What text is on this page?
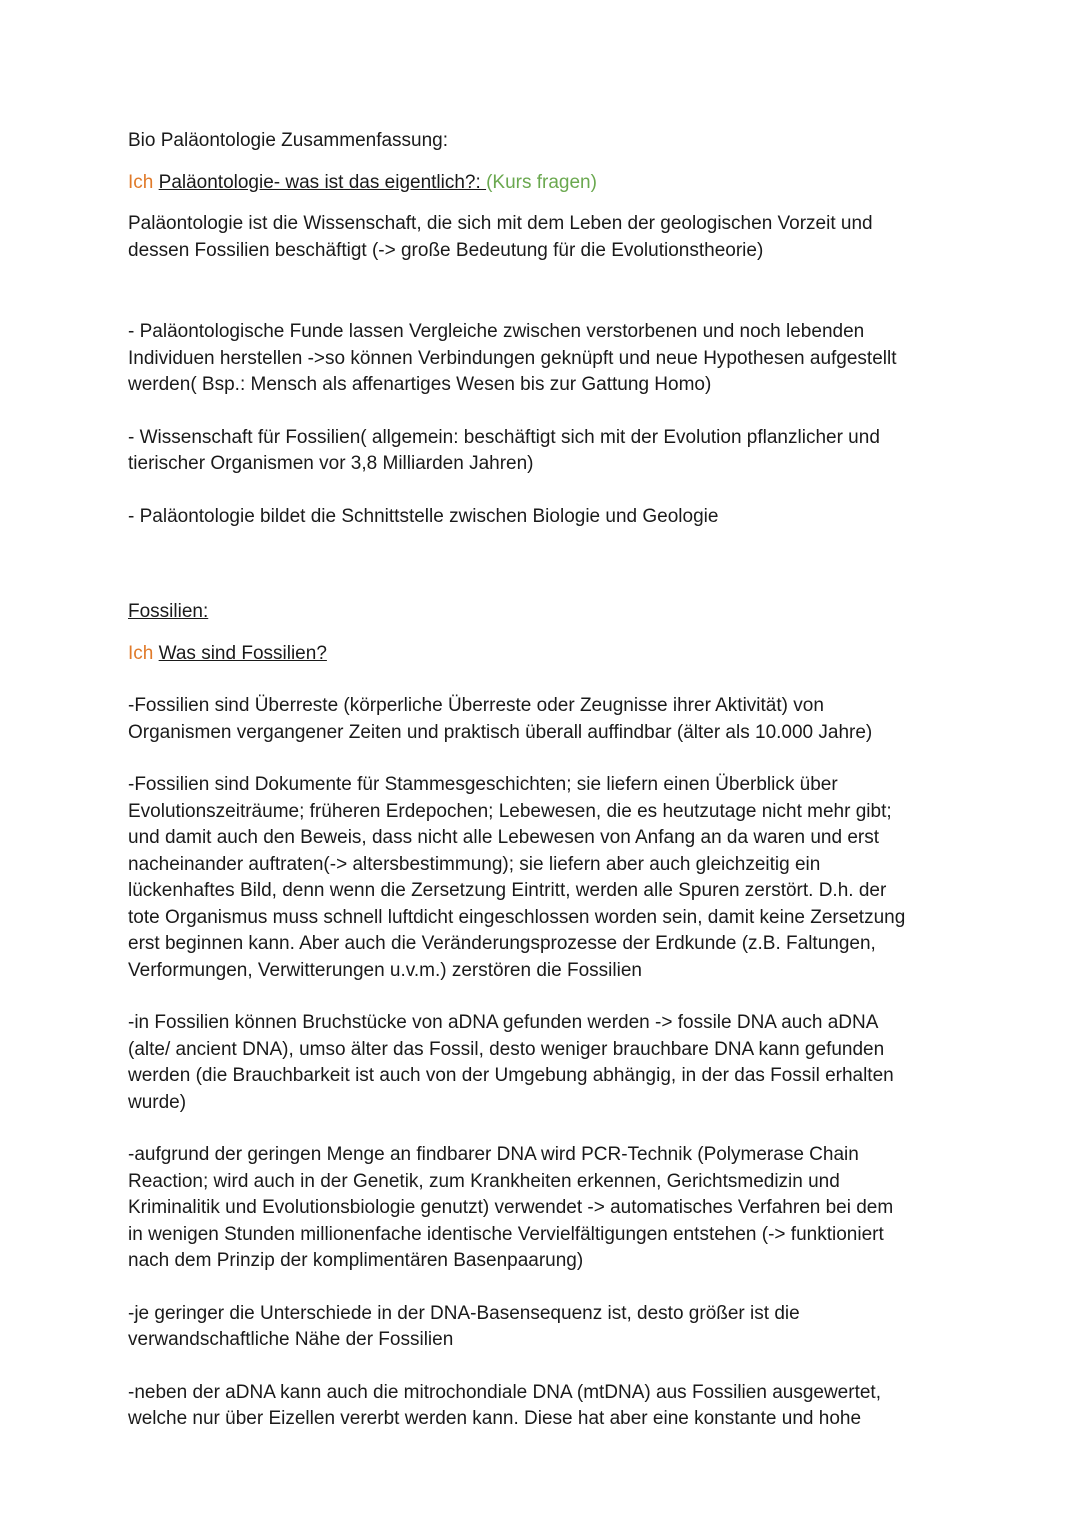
Bio Paläontologie Zusammenfassung:

Ich Paläontologie- was ist das eigentlich?: (Kurs fragen)

Paläontologie ist die Wissenschaft, die sich mit dem Leben der geologischen Vorzeit und

dessen Fossilien beschäftigt (-> große Bedeutung für die Evolutionstheorie)

- Paläontologische Funde lassen Vergleiche zwischen verstorbenen und noch lebenden

Individuen herstellen ->so können Verbindungen geknüpft und neue Hypothesen aufgestellt

werden( Bsp.: Mensch als affenartiges Wesen bis zur Gattung Homo)

- Wissenschaft für Fossilien( allgemein: beschäftigt sich mit der Evolution pflanzlicher und

tierischer Organismen vor 3,8 Milliarden Jahren)

- Paläontologie bildet die Schnittstelle zwischen Biologie und Geologie

Fossilien:

Ich Was sind Fossilien?

-Fossilien sind Überreste (körperliche Überreste oder Zeugnisse ihrer Aktivität) von

Organismen vergangener Zeiten und praktisch überall auffindbar (älter als 10.000 Jahre)

-Fossilien sind Dokumente für Stammesgeschichten; sie liefern einen Überblick über

Evolutionszeiträume; früheren Erdepochen; Lebewesen, die es heutzutage nicht mehr gibt;

und damit auch den Beweis, dass nicht alle Lebewesen von Anfang an da waren und erst

nacheinander auftraten(-> altersbestimmung); sie liefern aber auch gleichzeitig ein

lückenhaftes Bild, denn wenn die Zersetzung Eintritt, werden alle Spuren zerstört. D.h. der

tote Organismus muss schnell luftdicht eingeschlossen worden sein, damit keine Zersetzung

erst beginnen kann. Aber auch die Veränderungsprozesse der Erdkunde (z.B. Faltungen,

Verformungen, Verwitterungen u.v.m.) zerstören die Fossilien

-in Fossilien können Bruchstücke von aDNA gefunden werden -> fossile DNA auch aDNA

(alte/ ancient DNA), umso älter das Fossil, desto weniger brauchbare DNA kann gefunden

werden (die Brauchbarkeit ist auch von der Umgebung abhängig, in der das Fossil erhalten

wurde)

-aufgrund der geringen Menge an findbarer DNA wird PCR-Technik (Polymerase Chain

Reaction; wird auch in der Genetik, zum Krankheiten erkennen, Gerichtsmedizin und

Kriminalitik und Evolutionsbiologie genutzt) verwendet -> automatisches Verfahren bei dem

in wenigen Stunden millionenfache identische Vervielfältigungen entstehen (-> funktioniert

nach dem Prinzip der komplimentären Basenpaarung)

-je geringer die Unterschiede in der DNA-Basensequenz ist, desto größer ist die

verwandschaftliche Nähe der Fossilien

-neben der aDNA kann auch die mitrochondiale DNA (mtDNA) aus Fossilien ausgewertet,

welche nur über Eizellen vererbt werden kann. Diese hat aber eine konstante und hohe
